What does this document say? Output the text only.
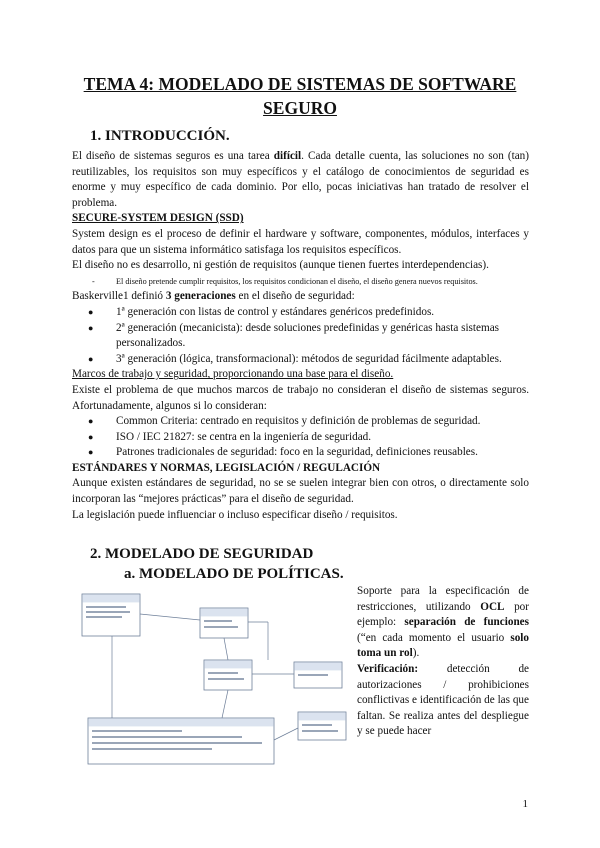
TEMA 4: MODELADO DE SISTEMAS DE SOFTWARE SEGURO
1. INTRODUCCIÓN.

El diseño de sistemas seguros es una tarea difícil. Cada detalle cuenta, las soluciones no son (tan) reutilizables, los requisitos son muy específicos y el catálogo de conocimientos de seguridad es enorme y muy específico de cada dominio. Por ello, pocas iniciativas han tratado de resolver el problema.

SECURE-SYSTEM DESIGN (SSD)

System design es el proceso de definir el hardware y software, componentes, módulos, interfaces y datos para que un sistema informático satisfaga los requisitos específicos.

El diseño no es desarrollo, ni gestión de requisitos (aunque tienen fuertes interdependencias).

- El diseño pretende cumplir requisitos, los requisitos condicionan el diseño, el diseño genera nuevos requisitos.

Baskerville1 definió 3 generaciones en el diseño de seguridad:

● 1ª generación con listas de control y estándares genéricos predefinidos.
● 2ª generación (mecanicista): desde soluciones predefinidas y genéricas hasta sistemas personalizados.
● 3ª generación (lógica, transformacional): métodos de seguridad fácilmente adaptables.

Marcos de trabajo y seguridad, proporcionando una base para el diseño.

Existe el problema de que muchos marcos de trabajo no consideran el diseño de sistemas seguros. Afortunadamente, algunos si lo consideran:

● Common Criteria: centrado en requisitos y definición de problemas de seguridad.
● ISO / IEC 21827: se centra en la ingeniería de seguridad.
● Patrones tradicionales de seguridad: foco en la seguridad, definiciones reusables.

ESTÁNDARES Y NORMAS, LEGISLACIÓN / REGULACIÓN

Aunque existen estándares de seguridad, no se se suelen integrar bien con otros, o directamente solo incorporan las “mejores prácticas” para el diseño de seguridad.

La legislación puede influenciar o incluso especificar diseño / requisitos.

2. MODELADO DE SEGURIDAD
a. MODELADO DE POLÍTICAS.

Soporte para la especificación de restricciones, utilizando OCL por ejemplo: separación de funciones (“en cada momento el usuario solo toma un rol).

Verificación: detección de autorizaciones / prohibiciones conflictivas e identificación de las que faltan. Se realiza antes del despliegue y se puede hacer

1
